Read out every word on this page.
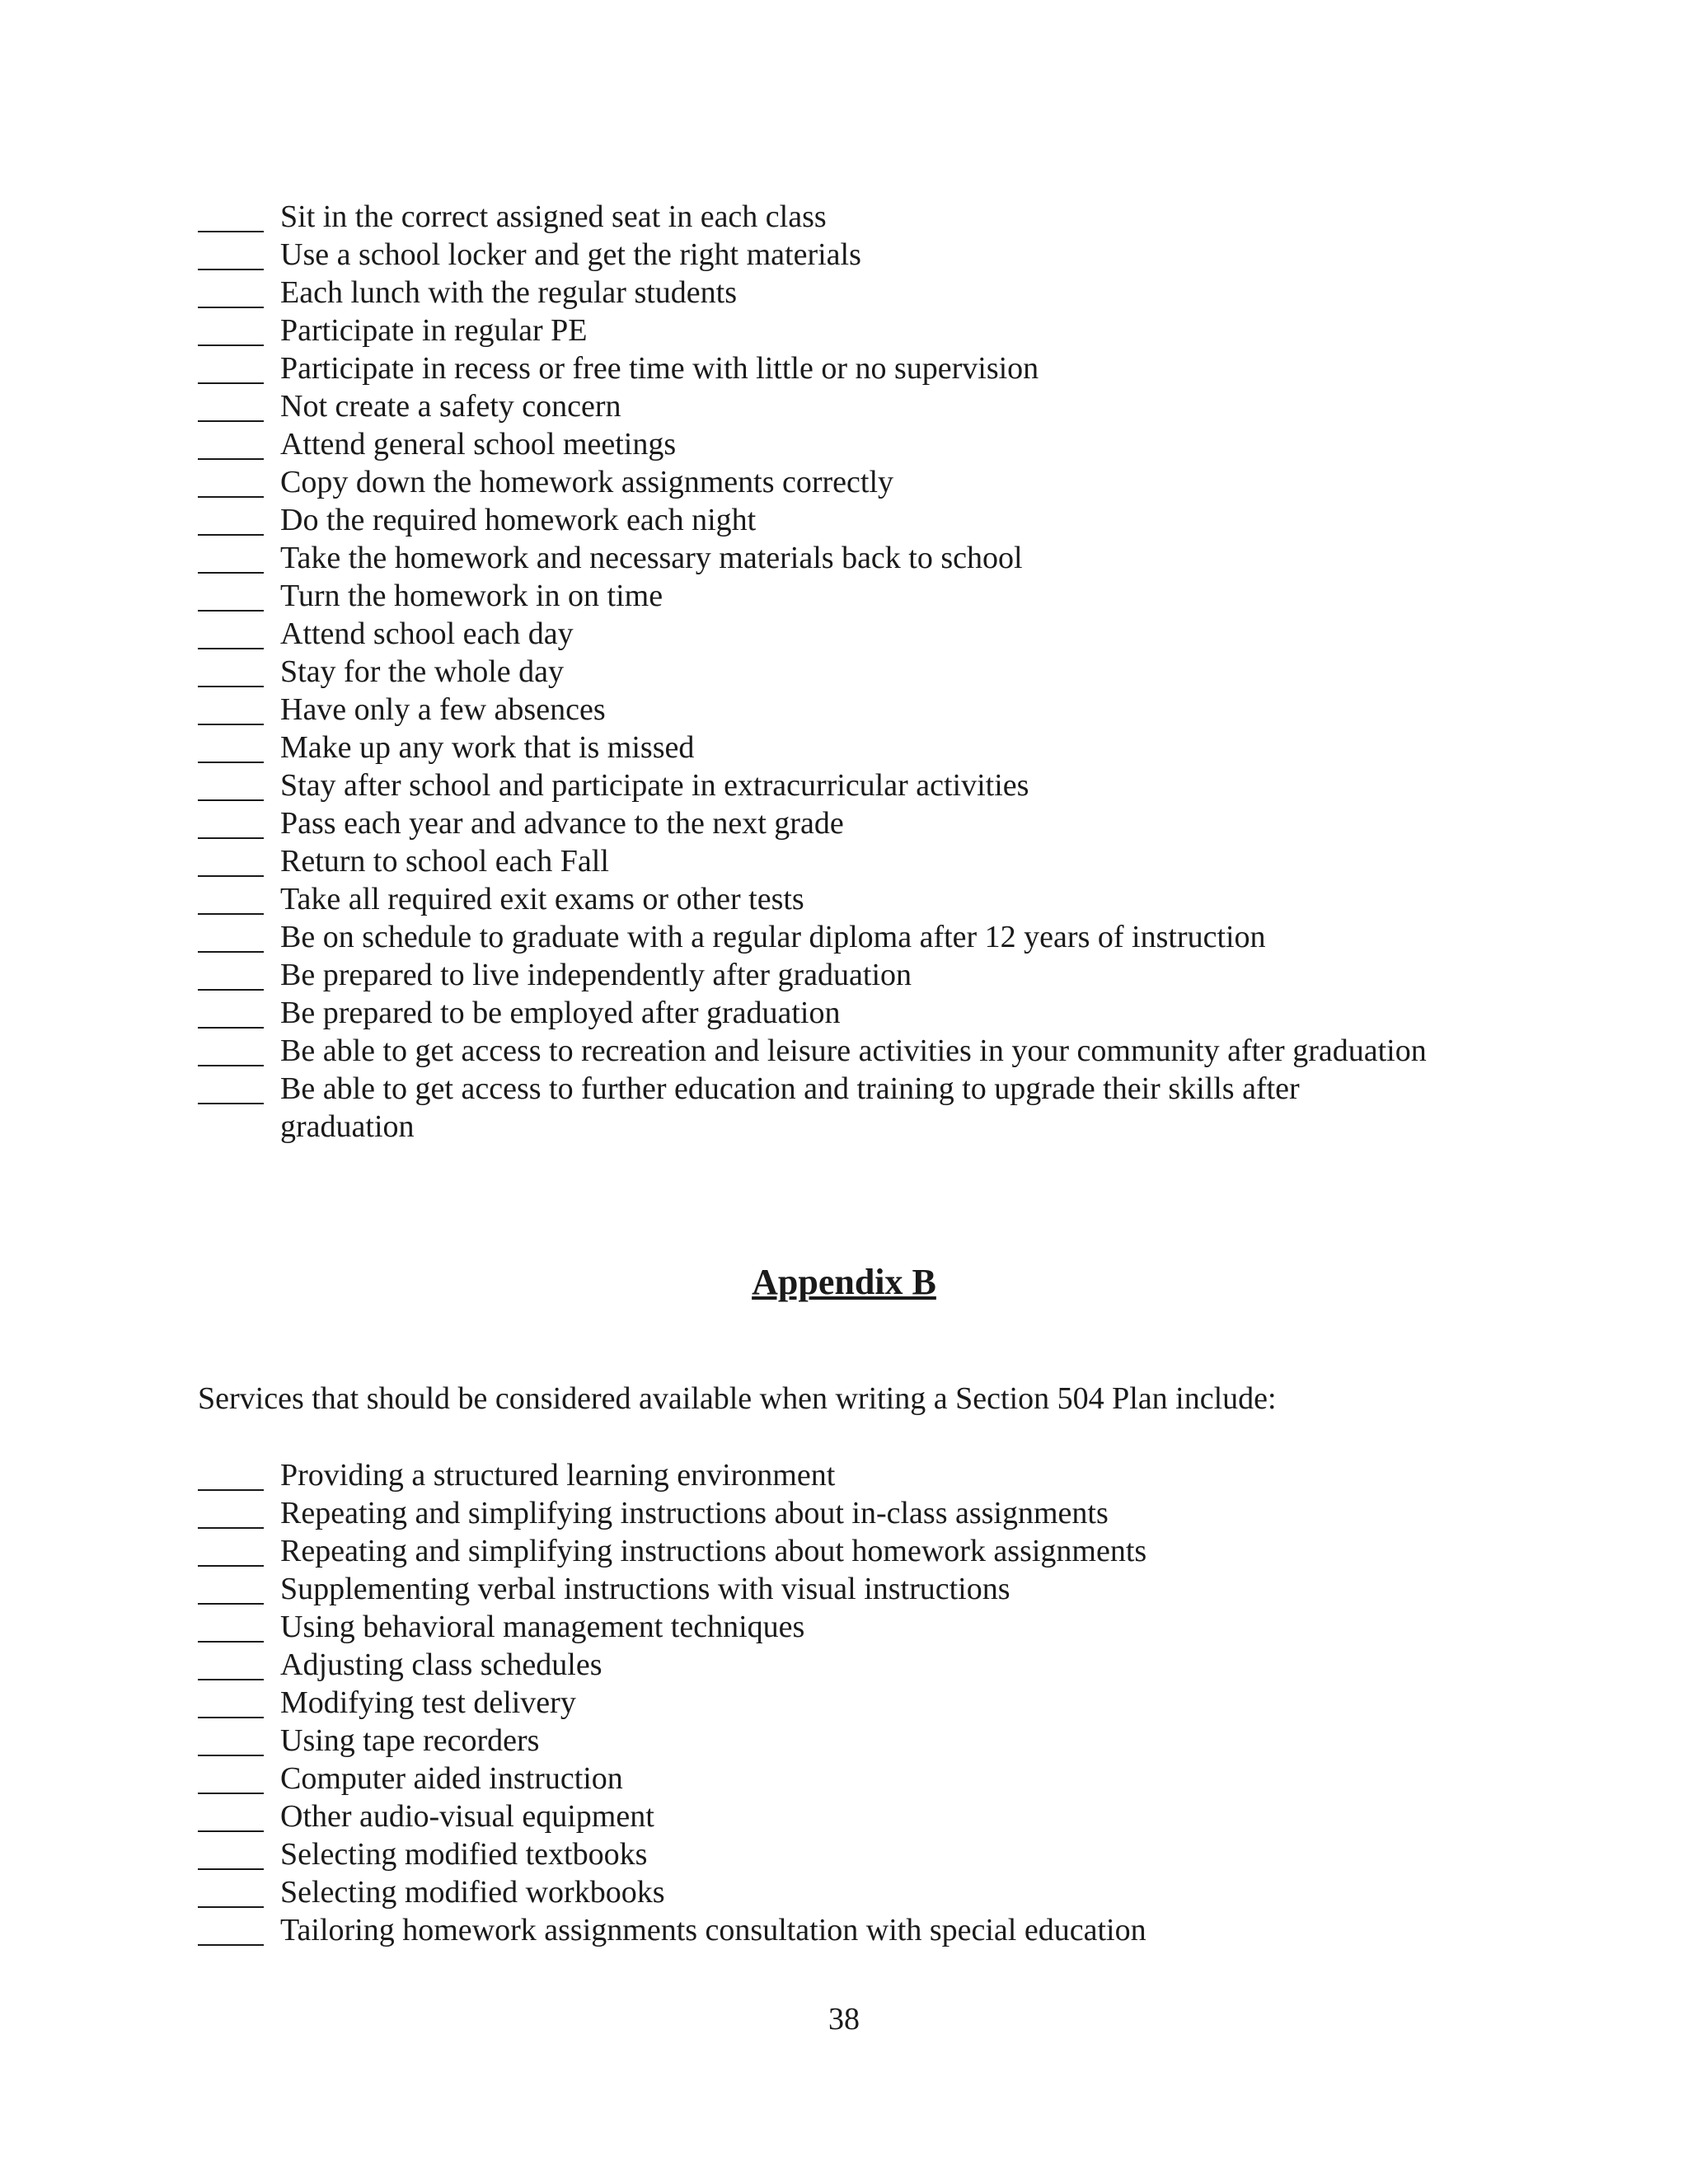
Sit in the correct assigned seat in each class
Use a school locker and get the right materials
Each lunch with the regular students
Participate in regular PE
Participate in recess or free time with little or no supervision
Not create a safety concern
Attend general school meetings
Copy down the homework assignments correctly
Do the required homework each night
Take the homework and necessary materials back to school
Turn the homework in on time
Attend school each day
Stay for the whole day
Have only a few absences
Make up any work that is missed
Stay after school and participate in extracurricular activities
Pass each year and advance to the next grade
Return to school each Fall
Take all required exit exams or other tests
Be on schedule to graduate with a regular diploma after 12 years of instruction
Be prepared to live independently after graduation
Be prepared to be employed after graduation
Be able to get access to recreation and leisure activities in your community after graduation
Be able to get access to further education and training to upgrade their skills after graduation
Appendix B

Services that should be considered available when writing a Section 504 Plan include:

Providing a structured learning environment
Repeating and simplifying instructions about in-class assignments
Repeating and simplifying instructions about homework assignments
Supplementing verbal instructions with visual instructions
Using behavioral management techniques
Adjusting class schedules
Modifying test delivery
Using tape recorders
Computer aided instruction
Other audio-visual equipment
Selecting modified textbooks
Selecting modified workbooks
Tailoring homework assignments consultation with special education
38
